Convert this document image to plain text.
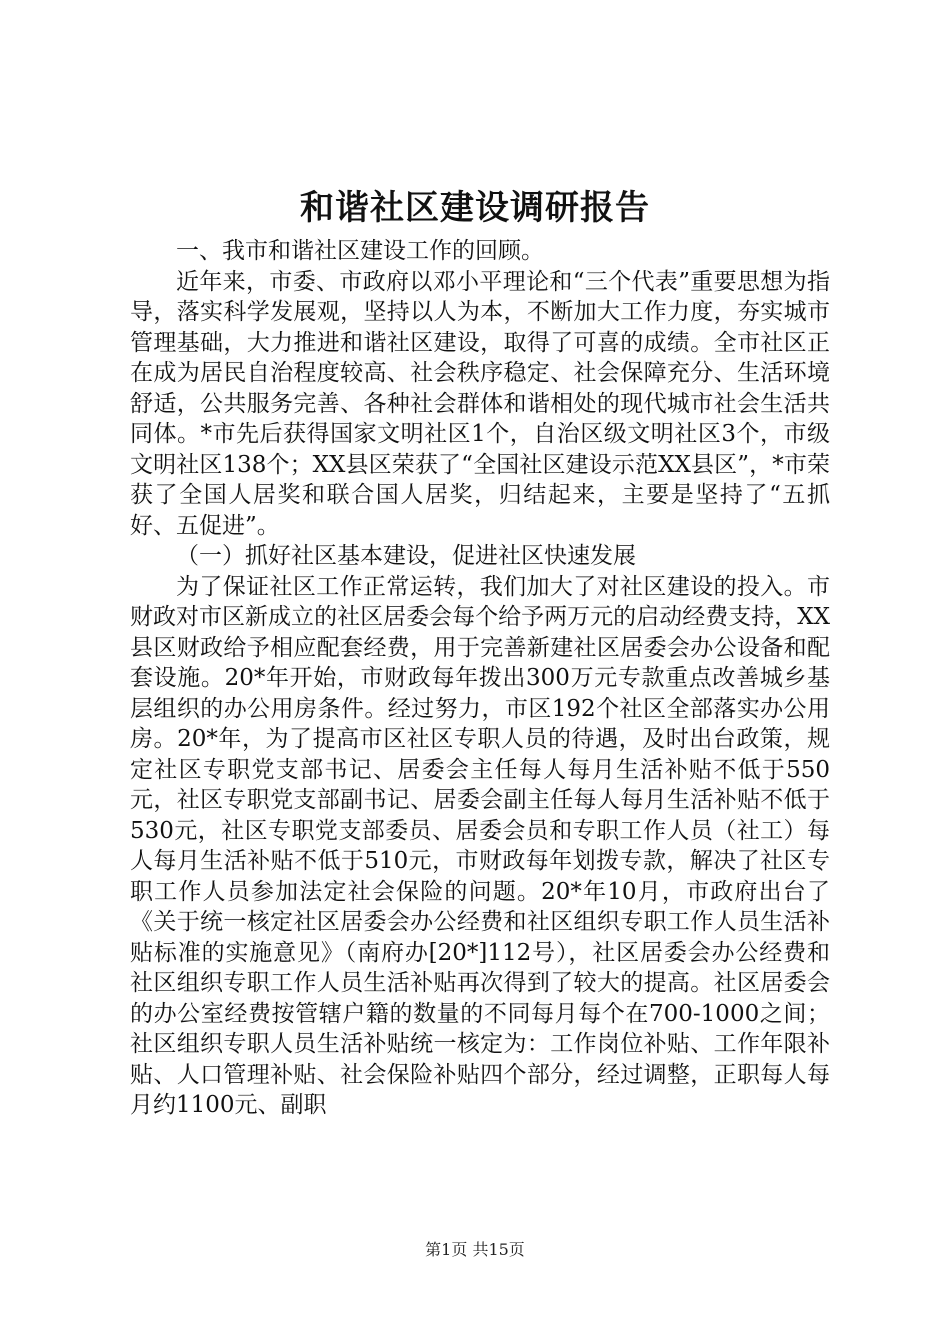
和谐社区建设调研报告

一、我市和谐社区建设工作的回顾。

近年来，市委、市政府以邓小平理论和“三个代表”重要思想为指导，落实科学发展观，坚持以人为本，不断加大工作力度，夯实城市管理基础，大力推进和谐社区建设，取得了可喜的成绩。全市社区正在成为居民自治程度较高、社会秩序稳定、社会保障充分、生活环境舒适，公共服务完善、各种社会群体和谐相处的现代城市社会生活共同体。*市先后获得国家文明社区1个，自治区级文明社区3个，市级文明社区138个；XX县区荣获了“全国社区建设示范XX县区”，*市荣获了全国人居奖和联合国人居奖，归结起来，主要是坚持了“五抓好、五促进”。

（一）抓好社区基本建设，促进社区快速发展

为了保证社区工作正常运转，我们加大了对社区建设的投入。市财政对市区新成立的社区居委会每个给予两万元的启动经费支持，XX县区财政给予相应配套经费，用于完善新建社区居委会办公设备和配套设施。20*年开始，市财政每年拨出300万元专款重点改善城乡基层组织的办公用房条件。经过努力，市区192个社区全部落实办公用房。20*年，为了提高市区社区专职人员的待遇，及时出台政策，规定社区专职党支部书记、居委会主任每人每月生活补贴不低于550元，社区专职党支部副书记、居委会副主任每人每月生活补贴不低于530元，社区专职党支部委员、居委会员和专职工作人员（社工）每人每月生活补贴不低于510元，市财政每年划拨专款，解决了社区专职工作人员参加法定社会保险的问题。20*年10月，市政府出台了《关于统一核定社区居委会办公经费和社区组织专职工作人员生活补贴标准的实施意见》（南府办[20*]112号），社区居委会办公经费和社区组织专职工作人员生活补贴再次得到了较大的提高。社区居委会的办公室经费按管辖户籍的数量的不同每月每个在700-1000之间；社区组织专职人员生活补贴统一核定为：工作岗位补贴、工作年限补贴、人口管理补贴、社会保险补贴四个部分，经过调整，正职每人每月约1100元、副职

第1页 共15页
